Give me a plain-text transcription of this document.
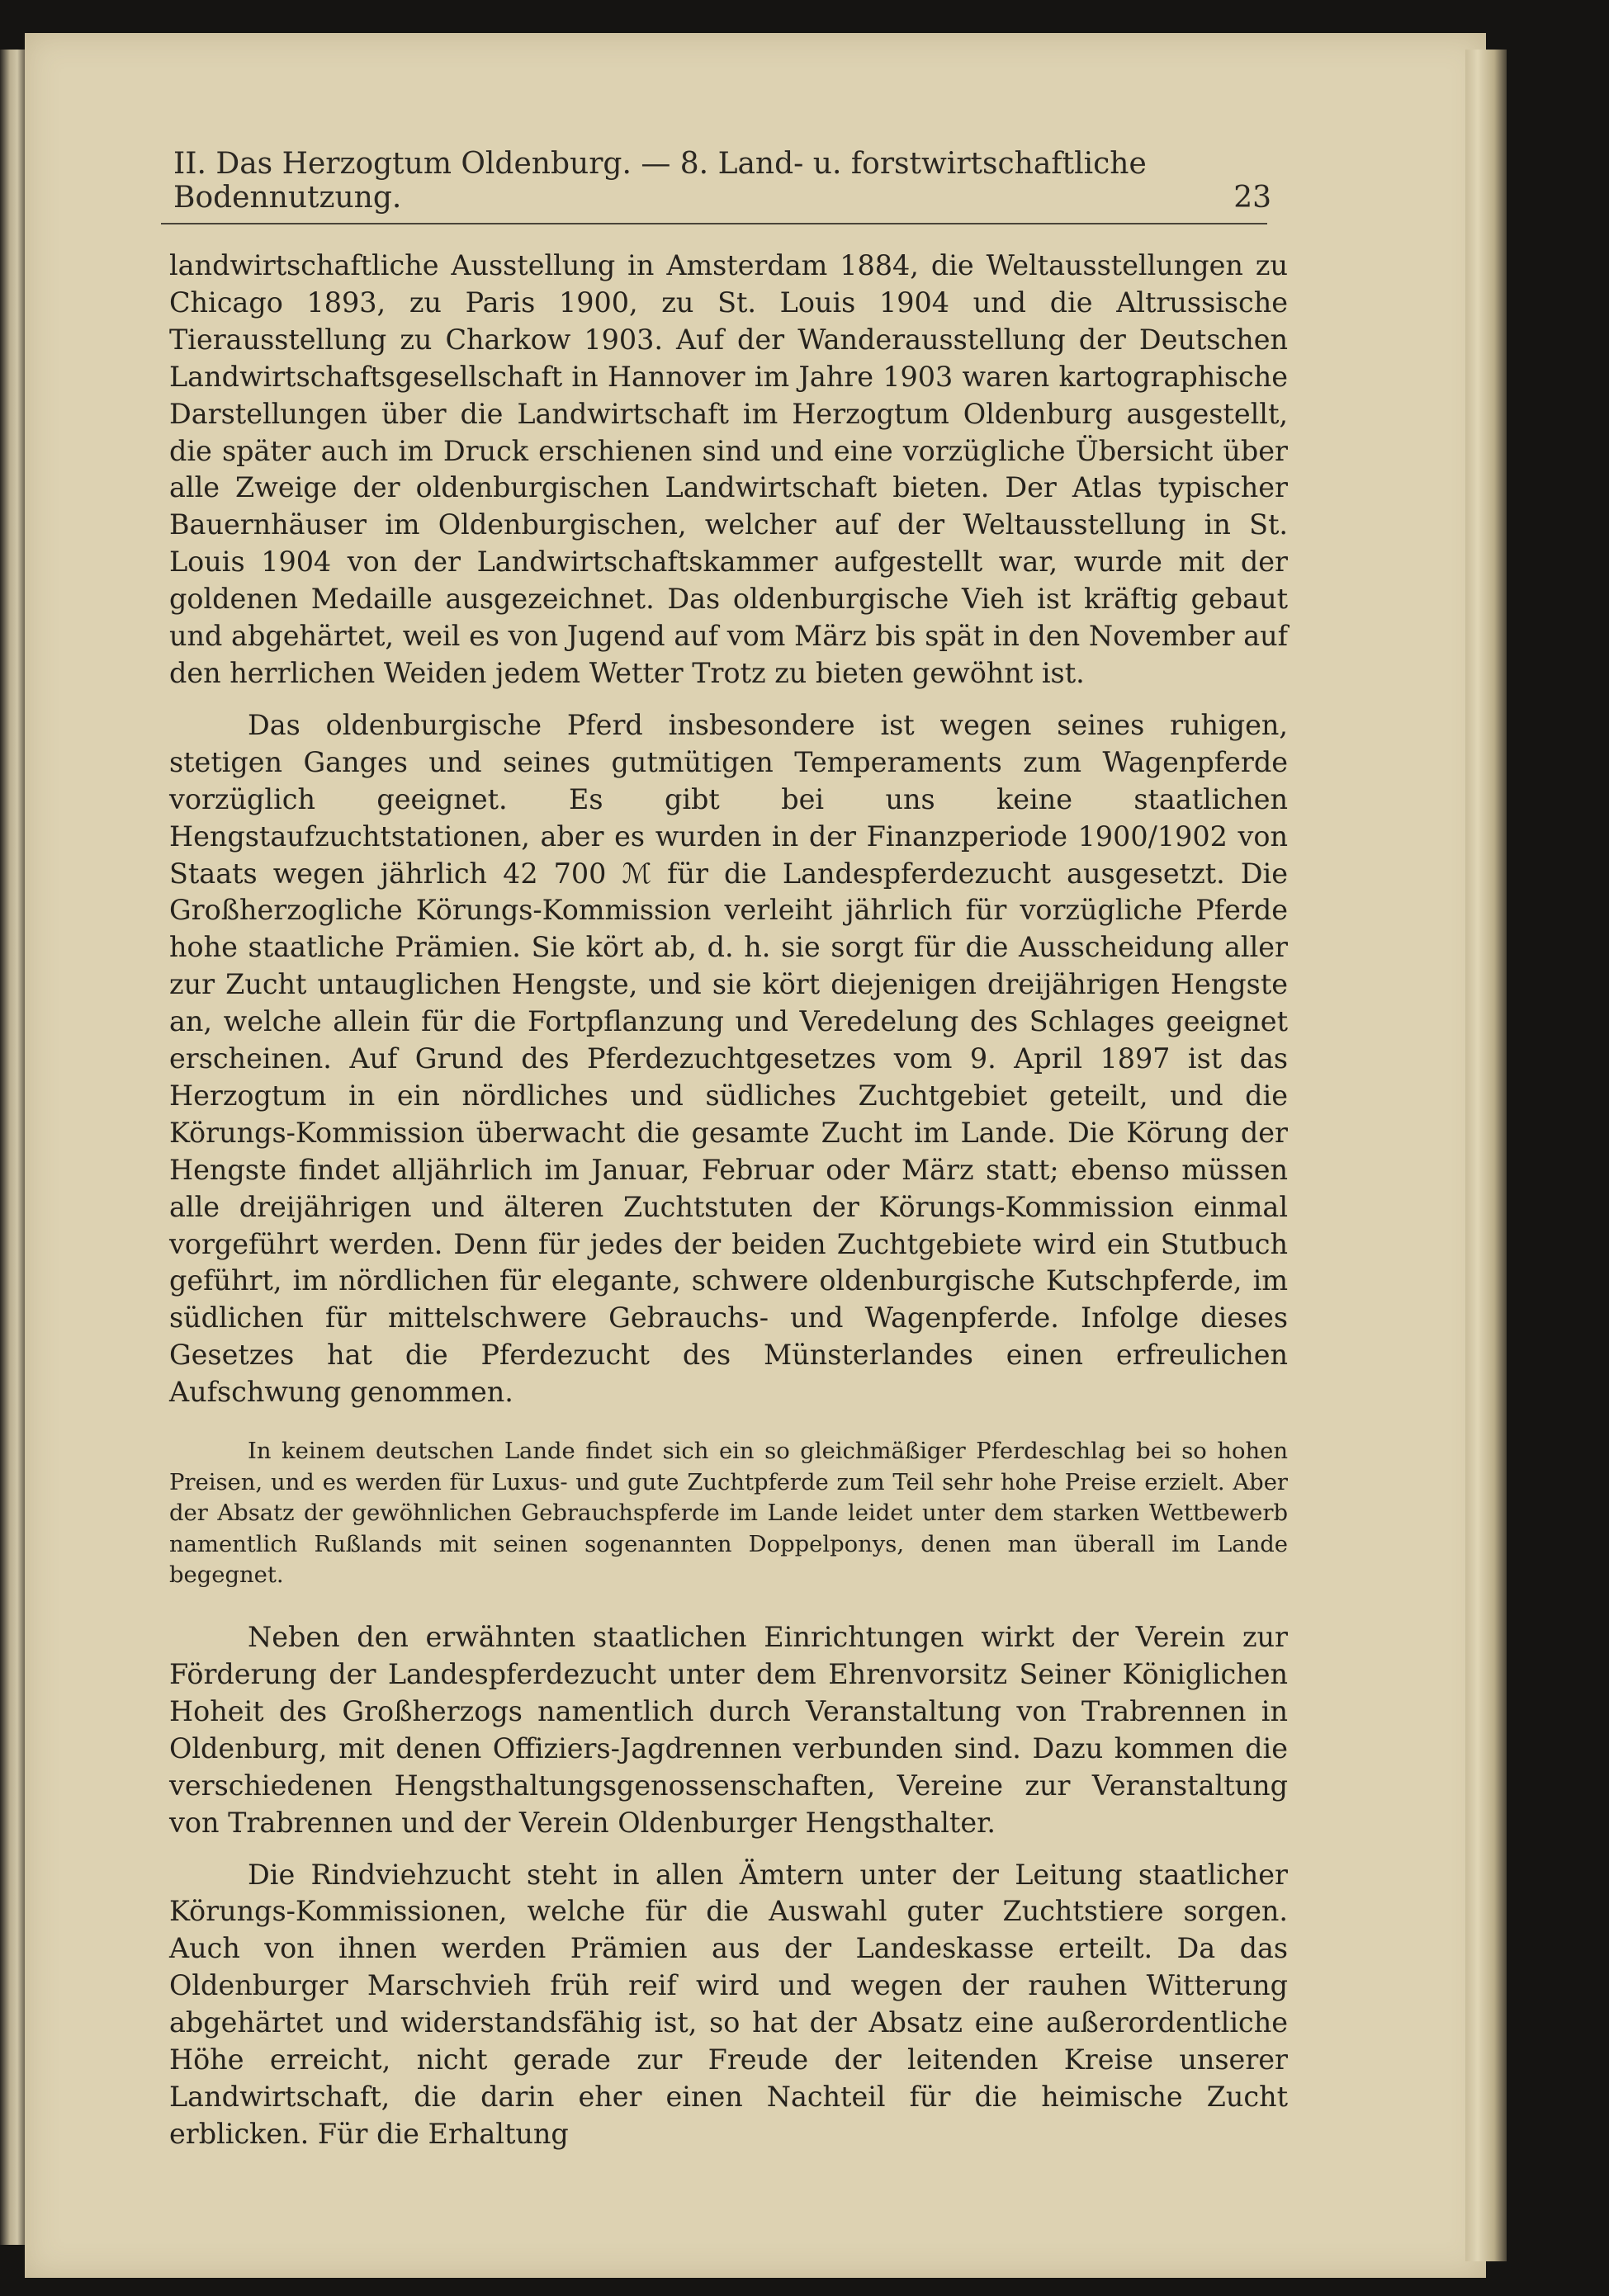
II. Das Herzogtum Oldenburg. — 8. Land- u. forstwirtschaftliche Bodennutzung.	23

landwirtschaftliche Ausstellung in Amsterdam 1884, die Weltausstellungen zu Chicago 1893, zu Paris 1900, zu St. Louis 1904 und die Altrussische Tierausstellung zu Charkow 1903. Auf der Wanderausstellung der Deutschen Landwirtschaftsgesellschaft in Hannover im Jahre 1903 waren kartographische Darstellungen über die Landwirtschaft im Herzogtum Oldenburg ausgestellt, die später auch im Druck erschienen sind und eine vorzügliche Übersicht über alle Zweige der oldenburgischen Landwirtschaft bieten. Der Atlas typischer Bauernhäuser im Oldenburgischen, welcher auf der Weltausstellung in St. Louis 1904 von der Landwirtschaftskammer aufgestellt war, wurde mit der goldenen Medaille ausgezeichnet. Das oldenburgische Vieh ist kräftig gebaut und abgehärtet, weil es von Jugend auf vom März bis spät in den November auf den herrlichen Weiden jedem Wetter Trotz zu bieten gewöhnt ist.

Das oldenburgische Pferd insbesondere ist wegen seines ruhigen, stetigen Ganges und seines gutmütigen Temperaments zum Wagenpferde vorzüglich geeignet. Es gibt bei uns keine staatlichen Hengstaufzuchtstationen, aber es wurden in der Finanzperiode 1900/1902 von Staats wegen jährlich 42 700 ℳ für die Landespferdezucht ausgesetzt. Die Großherzogliche Körungs-Kommission verleiht jährlich für vorzügliche Pferde hohe staatliche Prämien. Sie kört ab, d. h. sie sorgt für die Ausscheidung aller zur Zucht untauglichen Hengste, und sie kört diejenigen dreijährigen Hengste an, welche allein für die Fortpflanzung und Veredelung des Schlages geeignet erscheinen. Auf Grund des Pferdezuchtgesetzes vom 9. April 1897 ist das Herzogtum in ein nördliches und südliches Zuchtgebiet geteilt, und die Körungs-Kommission überwacht die gesamte Zucht im Lande. Die Körung der Hengste findet alljährlich im Januar, Februar oder März statt; ebenso müssen alle dreijährigen und älteren Zuchtstuten der Körungs-Kommission einmal vorgeführt werden. Denn für jedes der beiden Zuchtgebiete wird ein Stutbuch geführt, im nördlichen für elegante, schwere oldenburgische Kutschpferde, im südlichen für mittelschwere Gebrauchs- und Wagenpferde. Infolge dieses Gesetzes hat die Pferdezucht des Münsterlandes einen erfreulichen Aufschwung genommen.

In keinem deutschen Lande findet sich ein so gleichmäßiger Pferdeschlag bei so hohen Preisen, und es werden für Luxus- und gute Zuchtpferde zum Teil sehr hohe Preise erzielt. Aber der Absatz der gewöhnlichen Gebrauchspferde im Lande leidet unter dem starken Wettbewerb namentlich Rußlands mit seinen sogenannten Doppelponys, denen man überall im Lande begegnet.

Neben den erwähnten staatlichen Einrichtungen wirkt der Verein zur Förderung der Landespferdezucht unter dem Ehrenvorsitz Seiner Königlichen Hoheit des Großherzogs namentlich durch Veranstaltung von Trabrennen in Oldenburg, mit denen Offiziers-Jagdrennen verbunden sind. Dazu kommen die verschiedenen Hengsthaltungsgenossenschaften, Vereine zur Veranstaltung von Trabrennen und der Verein Oldenburger Hengsthalter.

Die Rindviehzucht steht in allen Ämtern unter der Leitung staatlicher Körungs-Kommissionen, welche für die Auswahl guter Zuchtstiere sorgen. Auch von ihnen werden Prämien aus der Landeskasse erteilt. Da das Oldenburger Marschvieh früh reif wird und wegen der rauhen Witterung abgehärtet und widerstandsfähig ist, so hat der Absatz eine außerordentliche Höhe erreicht, nicht gerade zur Freude der leitenden Kreise unserer Landwirtschaft, die darin eher einen Nachteil für die heimische Zucht erblicken. Für die Erhaltung
